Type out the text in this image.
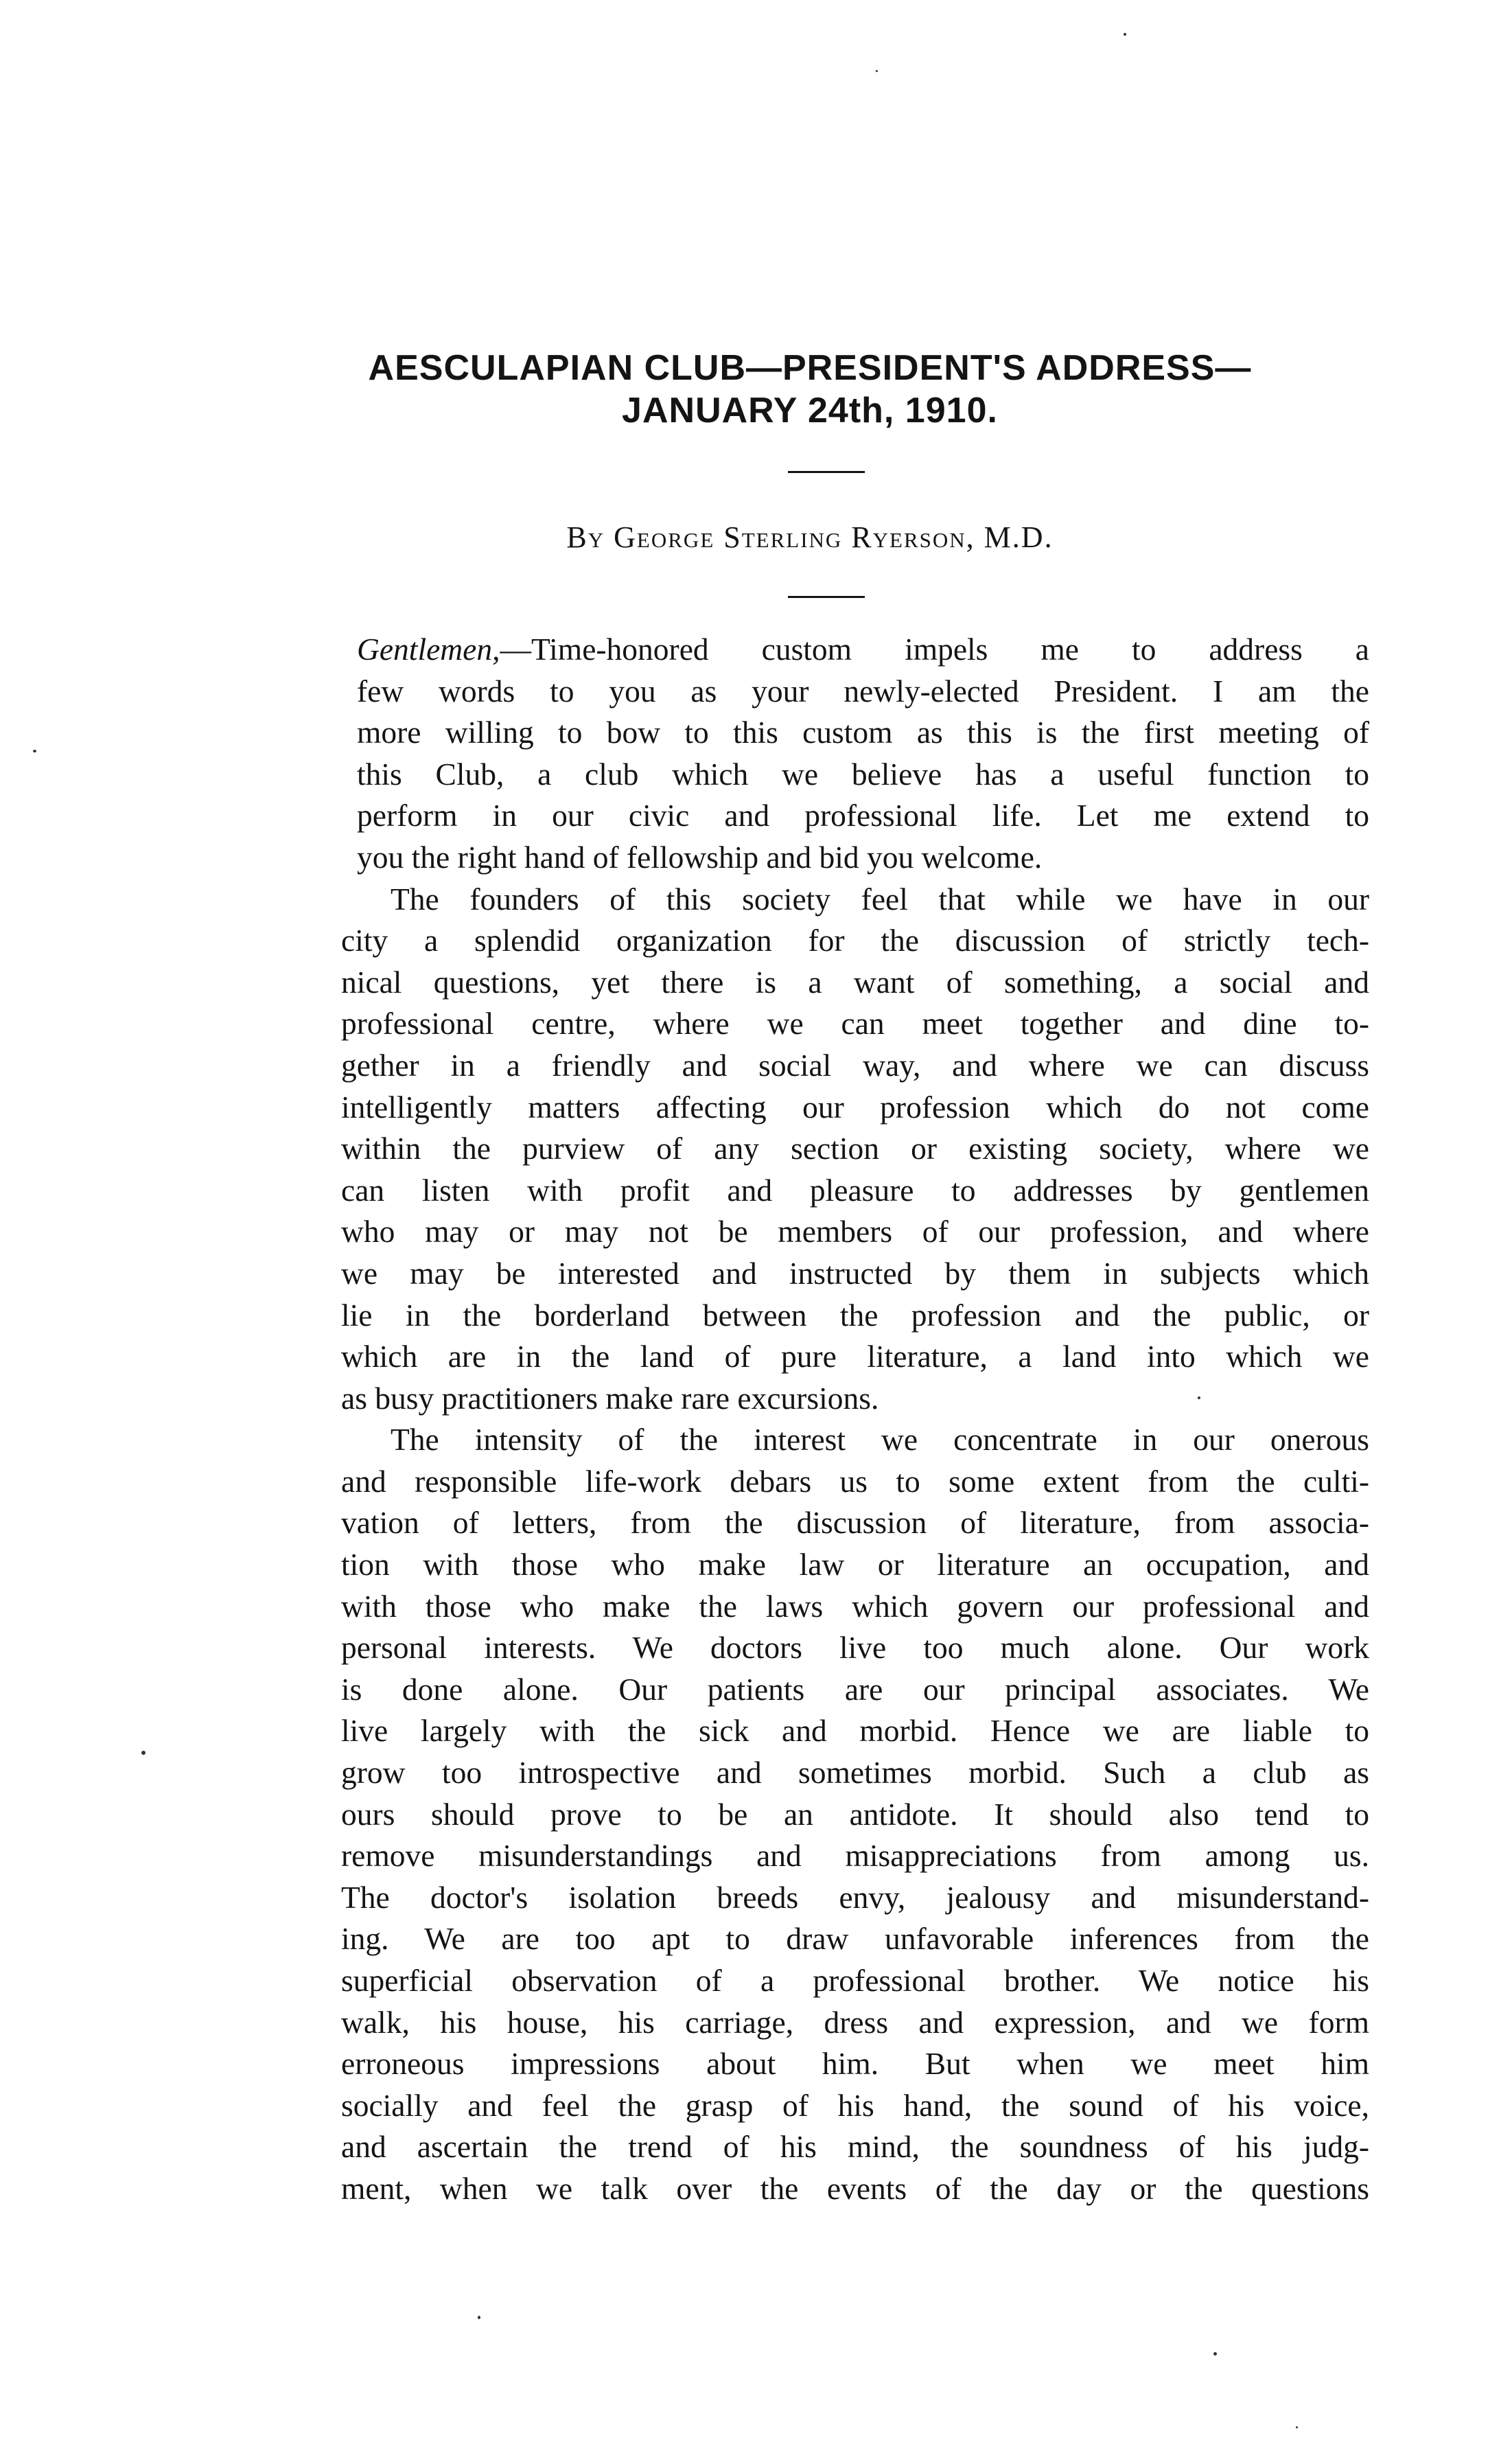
AESCULAPIAN CLUB—PRESIDENT'S ADDRESS—

JANUARY 24th, 1910.

By George Sterling Ryerson, M.D.
Gentlemen,—Time-honored custom impels me to address a
few words to you as your newly-elected President. I am the
more willing to bow to this custom as this is the first meeting of
this Club, a club which we believe has a useful function to
perform in our civic and professional life. Let me extend to
you the right hand of fellowship and bid you welcome.
The founders of this society feel that while we have in our
city a splendid organization for the discussion of strictly tech-
nical questions, yet there is a want of something, a social and
professional centre, where we can meet together and dine to-
gether in a friendly and social way, and where we can discuss
intelligently matters affecting our profession which do not come
within the purview of any section or existing society, where we
can listen with profit and pleasure to addresses by gentlemen
who may or may not be members of our profession, and where
we may be interested and instructed by them in subjects which
lie in the borderland between the profession and the public, or
which are in the land of pure literature, a land into which we
as busy practitioners make rare excursions.
The intensity of the interest we concentrate in our onerous
and responsible life-work debars us to some extent from the culti-
vation of letters, from the discussion of literature, from associa-
tion with those who make law or literature an occupation, and
with those who make the laws which govern our professional and
personal interests. We doctors live too much alone. Our work
is done alone. Our patients are our principal associates. We
live largely with the sick and morbid. Hence we are liable to
grow too introspective and sometimes morbid. Such a club as
ours should prove to be an antidote. It should also tend to
remove misunderstandings and misappreciations from among us.
The doctor's isolation breeds envy, jealousy and misunderstand-
ing. We are too apt to draw unfavorable inferences from the
superficial observation of a professional brother. We notice his
walk, his house, his carriage, dress and expression, and we form
erroneous impressions about him. But when we meet him
socially and feel the grasp of his hand, the sound of his voice,
and ascertain the trend of his mind, the soundness of his judg-
ment, when we talk over the events of the day or the questions
